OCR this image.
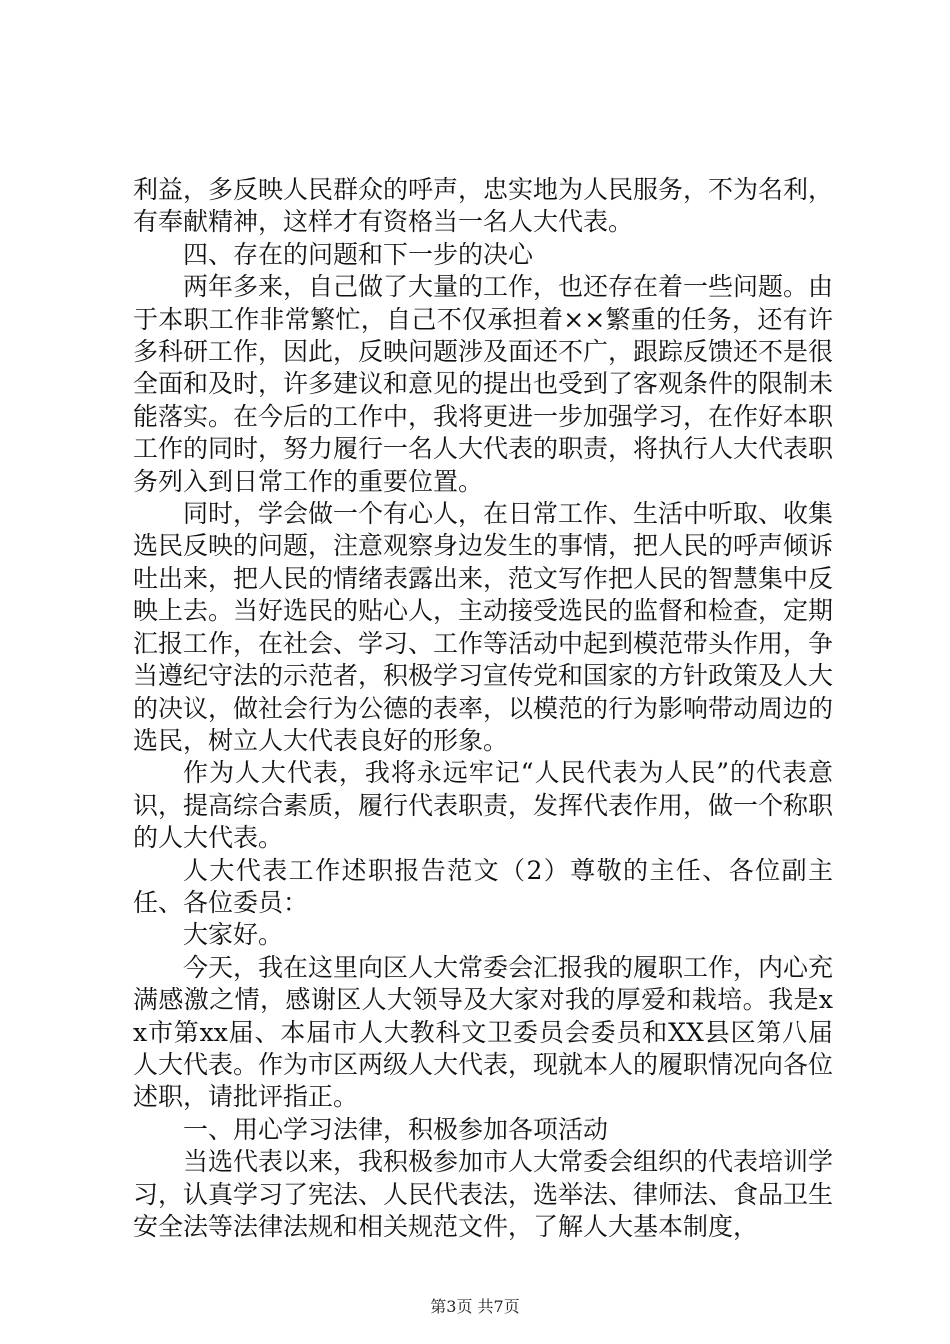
利益，多反映人民群众的呼声，忠实地为人民服务，不为名利，有奉献精神，这样才有资格当一名人大代表。

四、存在的问题和下一步的决心

两年多来，自己做了大量的工作，也还存在着一些问题。由于本职工作非常繁忙，自己不仅承担着××繁重的任务，还有许多科研工作，因此，反映问题涉及面还不广，跟踪反馈还不是很全面和及时，许多建议和意见的提出也受到了客观条件的限制未能落实。在今后的工作中，我将更进一步加强学习，在作好本职工作的同时，努力履行一名人大代表的职责，将执行人大代表职务列入到日常工作的重要位置。

同时，学会做一个有心人，在日常工作、生活中听取、收集选民反映的问题，注意观察身边发生的事情，把人民的呼声倾诉吐出来，把人民的情绪表露出来，范文写作把人民的智慧集中反映上去。当好选民的贴心人，主动接受选民的监督和检查，定期汇报工作，在社会、学习、工作等活动中起到模范带头作用，争当遵纪守法的示范者，积极学习宣传党和国家的方针政策及人大的决议，做社会行为公德的表率，以模范的行为影响带动周边的选民，树立人大代表良好的形象。

作为人大代表，我将永远牢记“人民代表为人民”的代表意识，提高综合素质，履行代表职责，发挥代表作用，做一个称职的人大代表。

人大代表工作述职报告范文（2）尊敬的主任、各位副主任、各位委员：

大家好。

今天，我在这里向区人大常委会汇报我的履职工作，内心充满感激之情，感谢区人大领导及大家对我的厚爱和栽培。我是xx市第xx届、本届市人大教科文卫委员会委员和XX县区第八届人大代表。作为市区两级人大代表，现就本人的履职情况向各位述职，请批评指正。

一、用心学习法律，积极参加各项活动

当选代表以来，我积极参加市人大常委会组织的代表培训学习，认真学习了宪法、人民代表法，选举法、律师法、食品卫生安全法等法律法规和相关规范文件，了解人大基本制度，

第3页 共7页
